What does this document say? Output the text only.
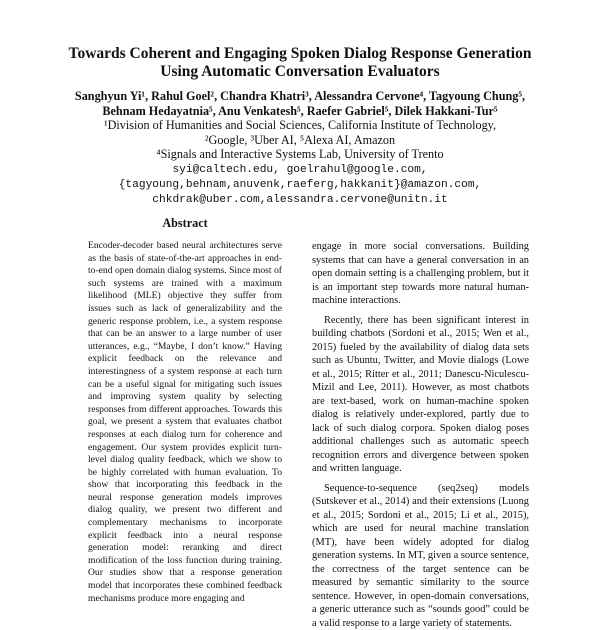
Towards Coherent and Engaging Spoken Dialog Response Generation
Using Automatic Conversation Evaluators
Sanghyun Yi¹, Rahul Goel², Chandra Khatri³, Alessandra Cervone⁴, Tagyoung Chung⁵,
Behnam Hedayatnia⁵, Anu Venkatesh⁵, Raefer Gabriel⁵, Dilek Hakkani-Tur⁵
¹Division of Humanities and Social Sciences, California Institute of Technology,
²Google, ³Uber AI, ⁵Alexa AI, Amazon
⁴Signals and Interactive Systems Lab, University of Trento
syi@caltech.edu, goelrahul@google.com,
{tagyoung,behnam,anuvenk,raeferg,hakkanit}@amazon.com,
chkdrak@uber.com,alessandra.cervone@unitn.it
Abstract

Encoder-decoder based neural architectures serve as the basis of state-of-the-art approaches in end-to-end open domain dialog systems. Since most of such systems are trained with a maximum likelihood (MLE) objective they suffer from issues such as lack of generalizability and the generic response problem, i.e., a system response that can be an answer to a large number of user utterances, e.g., “Maybe, I don’t know.” Having explicit feedback on the relevance and interestingness of a system response at each turn can be a useful signal for mitigating such issues and improving system quality by selecting responses from different approaches. Towards this goal, we present a system that evaluates chatbot responses at each dialog turn for coherence and engagement. Our system provides explicit turn-level dialog quality feedback, which we show to be highly correlated with human evaluation. To show that incorporating this feedback in the neural response generation models improves dialog quality, we present two different and complementary mechanisms to incorporate explicit feedback into a neural response generation model: reranking and direct modification of the loss function during training. Our studies show that a response generation model that incorporates these combined feedback mechanisms produce more engaging and

engage in more social conversations. Building systems that can have a general conversation in an open domain setting is a challenging problem, but it is an important step towards more natural human-machine interactions.

Recently, there has been significant interest in building chatbots (Sordoni et al., 2015; Wen et al., 2015) fueled by the availability of dialog data sets such as Ubuntu, Twitter, and Movie dialogs (Lowe et al., 2015; Ritter et al., 2011; Danescu-Niculescu-Mizil and Lee, 2011). However, as most chatbots are text-based, work on human-machine spoken dialog is relatively under-explored, partly due to lack of such dialog corpora. Spoken dialog poses additional challenges such as automatic speech recognition errors and divergence between spoken and written language.

Sequence-to-sequence (seq2seq) models (Sutskever et al., 2014) and their extensions (Luong et al., 2015; Sordoni et al., 2015; Li et al., 2015), which are used for neural machine translation (MT), have been widely adopted for dialog generation systems. In MT, given a source sentence, the correctness of the target sentence can be measured by semantic similarity to the source sentence. However, in open-domain conversations, a generic utterance such as “sounds good” could be a valid response to a large variety of statements.
